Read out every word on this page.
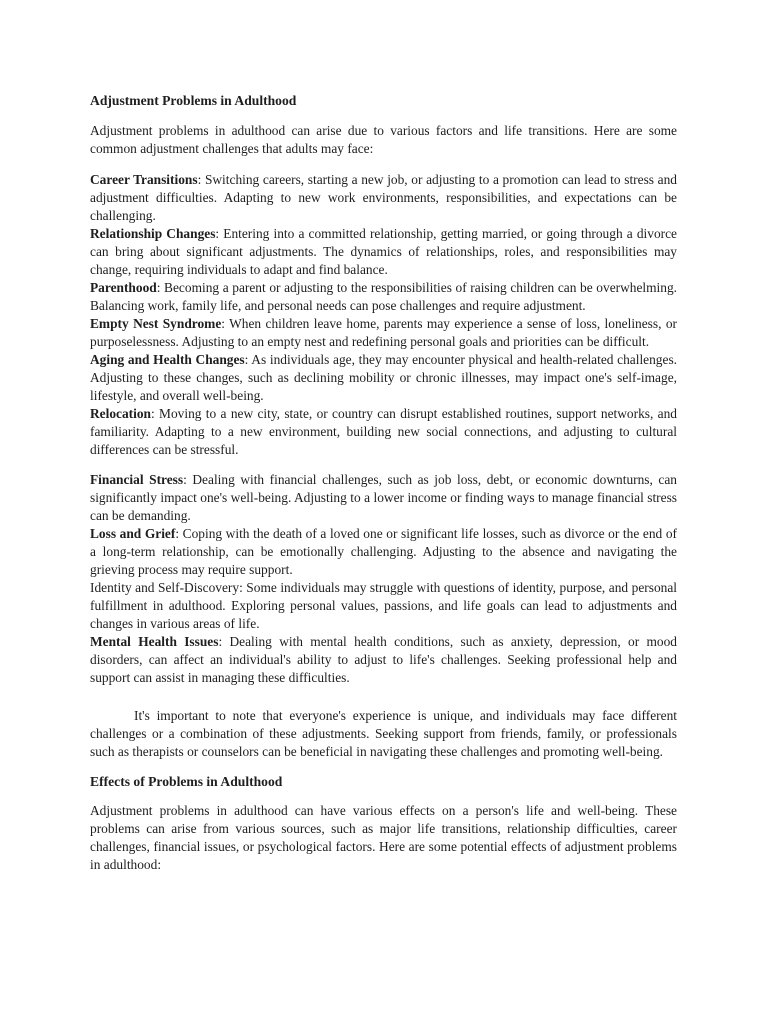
Adjustment Problems in Adulthood

Adjustment problems in adulthood can arise due to various factors and life transitions. Here are some common adjustment challenges that adults may face:

Career Transitions: Switching careers, starting a new job, or adjusting to a promotion can lead to stress and adjustment difficulties. Adapting to new work environments, responsibilities, and expectations can be challenging.

Relationship Changes: Entering into a committed relationship, getting married, or going through a divorce can bring about significant adjustments. The dynamics of relationships, roles, and responsibilities may change, requiring individuals to adapt and find balance.

Parenthood: Becoming a parent or adjusting to the responsibilities of raising children can be overwhelming. Balancing work, family life, and personal needs can pose challenges and require adjustment.

Empty Nest Syndrome: When children leave home, parents may experience a sense of loss, loneliness, or purposelessness. Adjusting to an empty nest and redefining personal goals and priorities can be difficult.

Aging and Health Changes: As individuals age, they may encounter physical and health-related challenges. Adjusting to these changes, such as declining mobility or chronic illnesses, may impact one's self-image, lifestyle, and overall well-being.

Relocation: Moving to a new city, state, or country can disrupt established routines, support networks, and familiarity. Adapting to a new environment, building new social connections, and adjusting to cultural differences can be stressful.

Financial Stress: Dealing with financial challenges, such as job loss, debt, or economic downturns, can significantly impact one's well-being. Adjusting to a lower income or finding ways to manage financial stress can be demanding.

Loss and Grief: Coping with the death of a loved one or significant life losses, such as divorce or the end of a long-term relationship, can be emotionally challenging. Adjusting to the absence and navigating the grieving process may require support.

Identity and Self-Discovery: Some individuals may struggle with questions of identity, purpose, and personal fulfillment in adulthood. Exploring personal values, passions, and life goals can lead to adjustments and changes in various areas of life.

Mental Health Issues: Dealing with mental health conditions, such as anxiety, depression, or mood disorders, can affect an individual's ability to adjust to life's challenges. Seeking professional help and support can assist in managing these difficulties.

It's important to note that everyone's experience is unique, and individuals may face different challenges or a combination of these adjustments. Seeking support from friends, family, or professionals such as therapists or counselors can be beneficial in navigating these challenges and promoting well-being.

Effects of Problems in Adulthood

Adjustment problems in adulthood can have various effects on a person's life and well-being. These problems can arise from various sources, such as major life transitions, relationship difficulties, career challenges, financial issues, or psychological factors. Here are some potential effects of adjustment problems in adulthood:
